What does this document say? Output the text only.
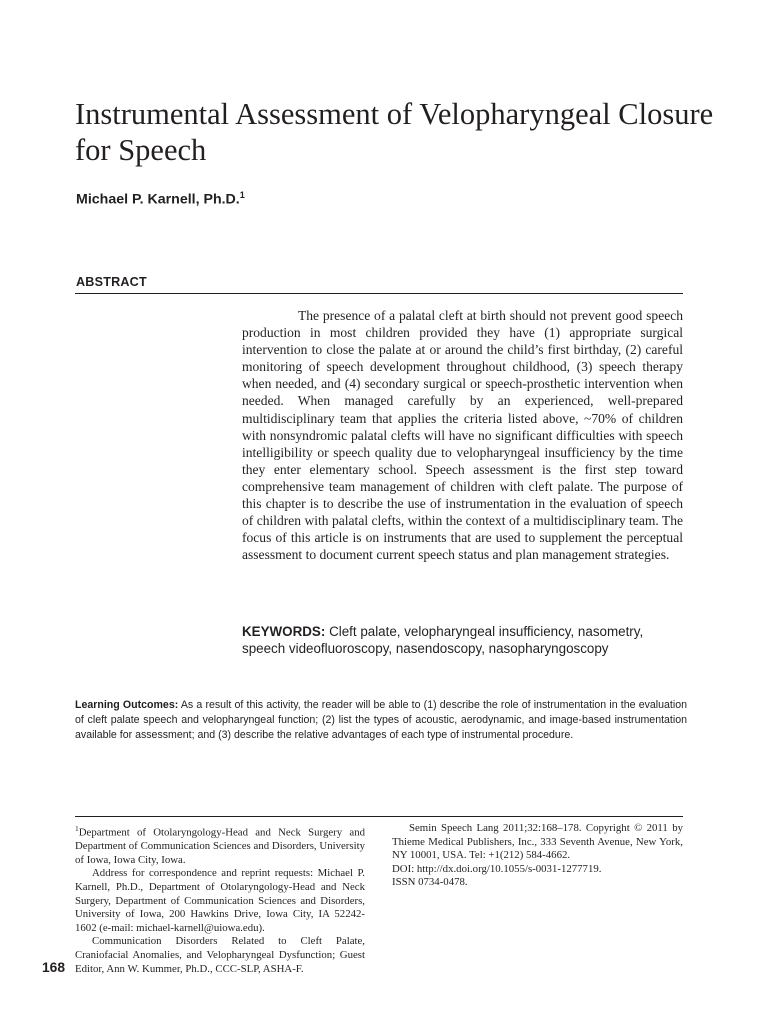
Instrumental Assessment of Velopharyngeal Closure for Speech
Michael P. Karnell, Ph.D.$^1$
ABSTRACT

The presence of a palatal cleft at birth should not prevent good speech production in most children provided they have (1) appropriate surgical intervention to close the palate at or around the child’s first birthday, (2) careful monitoring of speech development throughout childhood, (3) speech therapy when needed, and (4) secondary surgical or speech-prosthetic intervention when needed. When managed carefully by an experienced, well-prepared multidisciplinary team that applies the criteria listed above, ~70% of children with nonsyndromic palatal clefts will have no significant difficulties with speech intelligibility or speech quality due to velopharyngeal insufficiency by the time they enter elementary school. Speech assessment is the first step toward comprehensive team management of children with cleft palate. The purpose of this chapter is to describe the use of instrumentation in the evaluation of speech of children with palatal clefts, within the context of a multidisciplinary team. The focus of this article is on instruments that are used to supplement the perceptual assessment to document current speech status and plan management strategies.

KEYWORDS: Cleft palate, velopharyngeal insufficiency, nasometry, speech videofluoroscopy, nasendoscopy, nasopharyngoscopy
Learning Outcomes: As a result of this activity, the reader will be able to (1) describe the role of instrumentation in the evaluation of cleft palate speech and velopharyngeal function; (2) list the types of acoustic, aerodynamic, and image-based instrumentation available for assessment; and (3) describe the relative advantages of each type of instrumental procedure.

$^1$Department of Otolaryngology-Head and Neck Surgery and Department of Communication Sciences and Disorders, University of Iowa, Iowa City, Iowa.

Address for correspondence and reprint requests: Michael P. Karnell, Ph.D., Department of Otolaryngology-Head and Neck Surgery, Department of Communication Sciences and Disorders, University of Iowa, 200 Hawkins Drive, Iowa City, IA 52242-1602 (e-mail: michael-karnell@uiowa.edu).

Communication Disorders Related to Cleft Palate, Craniofacial Anomalies, and Velopharyngeal Dysfunction; Guest Editor, Ann W. Kummer, Ph.D., CCC-SLP, ASHA-F.

Semin Speech Lang 2011;32:168–178. Copyright © 2011 by Thieme Medical Publishers, Inc., 333 Seventh Avenue, New York, NY 10001, USA. Tel: +1(212) 584-4662.

DOI: http://dx.doi.org/10.1055/s-0031-1277719.

ISSN 0734-0478.

168
